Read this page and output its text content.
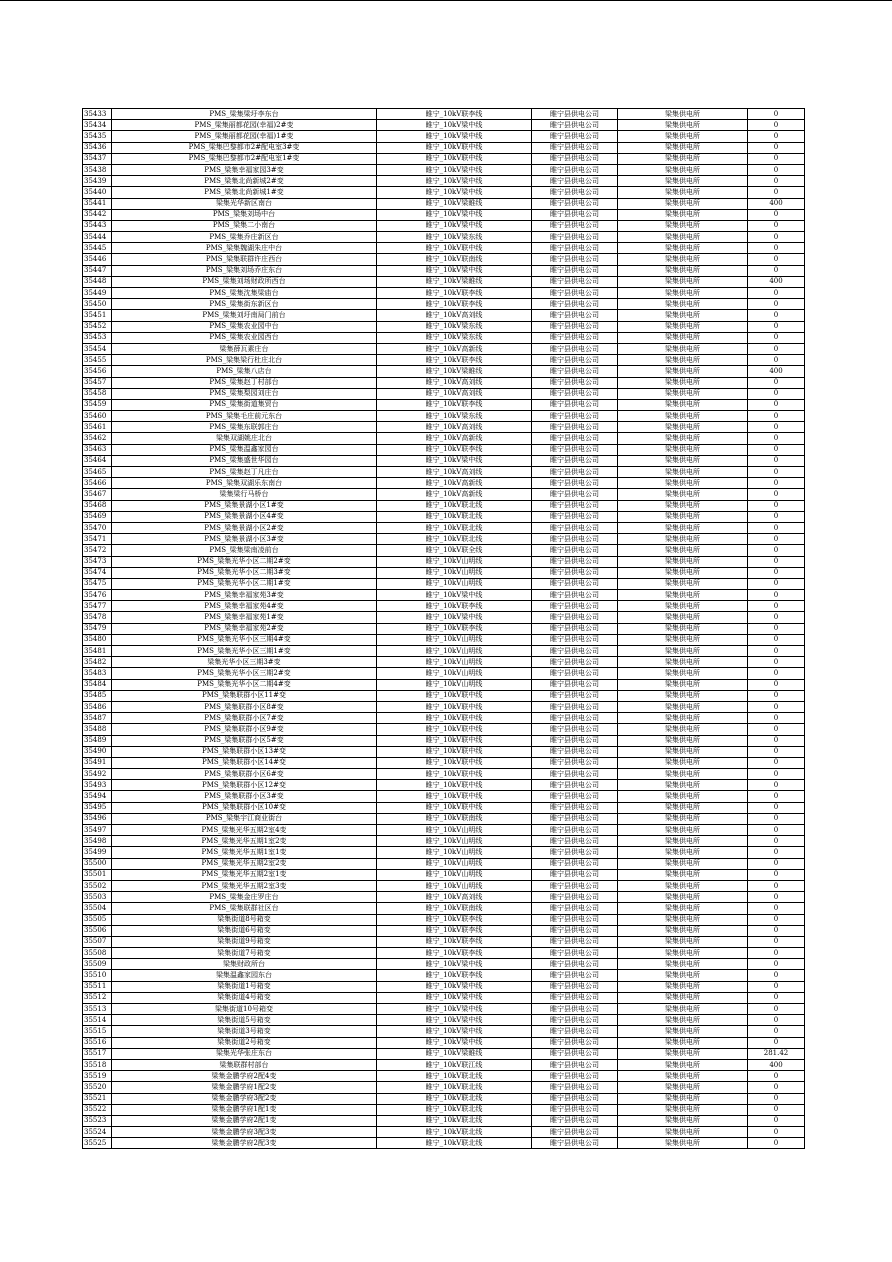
35433	PMS_梁集梁圩李东台	睢宁_10kV联李线	睢宁县供电公司	梁集供电所	0
35434	PMS_梁集丽都花园(幸福)2#变	睢宁_10kV梁中线	睢宁县供电公司	梁集供电所	0
35435	PMS_梁集丽都花园(幸福)1#变	睢宁_10kV梁中线	睢宁县供电公司	梁集供电所	0
35436	PMS_梁集巴黎都市2#配电室3#变	睢宁_10kV联中线	睢宁县供电公司	梁集供电所	0
35437	PMS_梁集巴黎都市2#配电室1#变	睢宁_10kV联中线	睢宁县供电公司	梁集供电所	0
35438	PMS_梁集幸福家园3#变	睢宁_10kV梁中线	睢宁县供电公司	梁集供电所	0
35439	PMS_梁集北尚新城2#变	睢宁_10kV梁中线	睢宁县供电公司	梁集供电所	0
35440	PMS_梁集北尚新城1#变	睢宁_10kV梁中线	睢宁县供电公司	梁集供电所	0
35441	梁集光华新区南台	睢宁_10kV梁睢线	睢宁县供电公司	梁集供电所	400
35442	PMS_梁集刘场中台	睢宁_10kV梁中线	睢宁县供电公司	梁集供电所	0
35443	PMS_梁集二小南台	睢宁_10kV梁中线	睢宁县供电公司	梁集供电所	0
35444	PMS_梁集乔庄新区台	睢宁_10kV梁东线	睢宁县供电公司	梁集供电所	0
35445	PMS_梁集魏湖朱庄中台	睢宁_10kV联中线	睢宁县供电公司	梁集供电所	0
35446	PMS_梁集联群许庄西台	睢宁_10kV联南线	睢宁县供电公司	梁集供电所	0
35447	PMS_梁集刘场乔庄东台	睢宁_10kV梁中线	睢宁县供电公司	梁集供电所	0
35448	PMS_梁集刘场财政所西台	睢宁_10kV梁睢线	睢宁县供电公司	梁集供电所	400
35449	PMS_梁集沈集梁庙台	睢宁_10kV联李线	睢宁县供电公司	梁集供电所	0
35450	PMS_梁集街东新区台	睢宁_10kV联李线	睢宁县供电公司	梁集供电所	0
35451	PMS_梁集刘圩南局门前台	睢宁_10kV高刘线	睢宁县供电公司	梁集供电所	0
35452	PMS_梁集农业园中台	睢宁_10kV梁东线	睢宁县供电公司	梁集供电所	0
35453	PMS_梁集农业园西台	睢宁_10kV梁东线	睢宁县供电公司	梁集供电所	0
35454	梁集薛瓦素庄台	睢宁_10kV高新线	睢宁县供电公司	梁集供电所	0
35455	PMS_梁集梁行杜庄北台	睢宁_10kV联李线	睢宁县供电公司	梁集供电所	0
35456	PMS_梁集八店台	睢宁_10kV梁睢线	睢宁县供电公司	梁集供电所	400
35457	PMS_梁集赵丁村部台	睢宁_10kV高刘线	睢宁县供电公司	梁集供电所	0
35458	PMS_梁集梨园刘庄台	睢宁_10kV高刘线	睢宁县供电公司	梁集供电所	0
35459	PMS_梁集街道集贸台	睢宁_10kV联李线	睢宁县供电公司	梁集供电所	0
35460	PMS_梁集毛庄前元东台	睢宁_10kV梁东线	睢宁县供电公司	梁集供电所	0
35461	PMS_梁集东联郭庄台	睢宁_10kV高刘线	睢宁县供电公司	梁集供电所	0
35462	梁集双湖姚庄北台	睢宁_10kV高新线	睢宁县供电公司	梁集供电所	0
35463	PMS_梁集温鑫家园台	睢宁_10kV联李线	睢宁县供电公司	梁集供电所	0
35464	PMS_梁集盛世华园台	睢宁_10kV梁中线	睢宁县供电公司	梁集供电所	0
35465	PMS_梁集赵丁凡庄台	睢宁_10kV高刘线	睢宁县供电公司	梁集供电所	0
35466	PMS_梁集双湖乐东南台	睢宁_10kV高新线	睢宁县供电公司	梁集供电所	0
35467	梁集梁行马桥台	睢宁_10kV高新线	睢宁县供电公司	梁集供电所	0
35468	PMS_梁集景湖小区1#变	睢宁_10kV联北线	睢宁县供电公司	梁集供电所	0
35469	PMS_梁集景湖小区4#变	睢宁_10kV联北线	睢宁县供电公司	梁集供电所	0
35470	PMS_梁集景湖小区2#变	睢宁_10kV联北线	睢宁县供电公司	梁集供电所	0
35471	PMS_梁集景湖小区3#变	睢宁_10kV联北线	睢宁县供电公司	梁集供电所	0
35472	PMS_梁集梁南凌前台	睢宁_10kV联全线	睢宁县供电公司	梁集供电所	0
35473	PMS_梁集光华小区二期2#变	睢宁_10kV山明线	睢宁县供电公司	梁集供电所	0
35474	PMS_梁集光华小区二期3#变	睢宁_10kV山明线	睢宁县供电公司	梁集供电所	0
35475	PMS_梁集光华小区二期1#变	睢宁_10kV山明线	睢宁县供电公司	梁集供电所	0
35476	PMS_梁集幸福家苑3#变	睢宁_10kV梁中线	睢宁县供电公司	梁集供电所	0
35477	PMS_梁集幸福家苑4#变	睢宁_10kV联李线	睢宁县供电公司	梁集供电所	0
35478	PMS_梁集幸福家苑1#变	睢宁_10kV梁中线	睢宁县供电公司	梁集供电所	0
35479	PMS_梁集幸福家苑2#变	睢宁_10kV联李线	睢宁县供电公司	梁集供电所	0
35480	PMS_梁集光华小区三期4#变	睢宁_10kV山明线	睢宁县供电公司	梁集供电所	0
35481	PMS_梁集光华小区三期1#变	睢宁_10kV山明线	睢宁县供电公司	梁集供电所	0
35482	梁集光华小区三期3#变	睢宁_10kV山明线	睢宁县供电公司	梁集供电所	0
35483	PMS_梁集光华小区三期2#变	睢宁_10kV山明线	睢宁县供电公司	梁集供电所	0
35484	PMS_梁集光华小区二期4#变	睢宁_10kV山明线	睢宁县供电公司	梁集供电所	0
35485	PMS_梁集联群小区11#变	睢宁_10kV联中线	睢宁县供电公司	梁集供电所	0
35486	PMS_梁集联群小区8#变	睢宁_10kV联中线	睢宁县供电公司	梁集供电所	0
35487	PMS_梁集联群小区7#变	睢宁_10kV联中线	睢宁县供电公司	梁集供电所	0
35488	PMS_梁集联群小区9#变	睢宁_10kV联中线	睢宁县供电公司	梁集供电所	0
35489	PMS_梁集联群小区5#变	睢宁_10kV联中线	睢宁县供电公司	梁集供电所	0
35490	PMS_梁集联群小区13#变	睢宁_10kV联中线	睢宁县供电公司	梁集供电所	0
35491	PMS_梁集联群小区14#变	睢宁_10kV联中线	睢宁县供电公司	梁集供电所	0
35492	PMS_梁集联群小区6#变	睢宁_10kV联中线	睢宁县供电公司	梁集供电所	0
35493	PMS_梁集联群小区12#变	睢宁_10kV联中线	睢宁县供电公司	梁集供电所	0
35494	PMS_梁集联群小区3#变	睢宁_10kV联中线	睢宁县供电公司	梁集供电所	0
35495	PMS_梁集联群小区10#变	睢宁_10kV联中线	睢宁县供电公司	梁集供电所	0
35496	PMS_梁集宇江商业街台	睢宁_10kV联南线	睢宁县供电公司	梁集供电所	0
35497	PMS_梁集光华五期2室4变	睢宁_10kV山明线	睢宁县供电公司	梁集供电所	0
35498	PMS_梁集光华五期1室2变	睢宁_10kV山明线	睢宁县供电公司	梁集供电所	0
35499	PMS_梁集光华五期1室1变	睢宁_10kV山明线	睢宁县供电公司	梁集供电所	0
35500	PMS_梁集光华五期2室2变	睢宁_10kV山明线	睢宁县供电公司	梁集供电所	0
35501	PMS_梁集光华五期2室1变	睢宁_10kV山明线	睢宁县供电公司	梁集供电所	0
35502	PMS_梁集光华五期2室3变	睢宁_10kV山明线	睢宁县供电公司	梁集供电所	0
35503	PMS_梁集金庄罗庄台	睢宁_10kV高刘线	睢宁县供电公司	梁集供电所	0
35504	PMS_梁集联群社区台	睢宁_10kV联南线	睢宁县供电公司	梁集供电所	0
35505	梁集街道8号箱变	睢宁_10kV联李线	睢宁县供电公司	梁集供电所	0
35506	梁集街道6号箱变	睢宁_10kV联李线	睢宁县供电公司	梁集供电所	0
35507	梁集街道9号箱变	睢宁_10kV联李线	睢宁县供电公司	梁集供电所	0
35508	梁集街道7号箱变	睢宁_10kV联李线	睢宁县供电公司	梁集供电所	0
35509	梁集财政所台	睢宁_10kV梁中线	睢宁县供电公司	梁集供电所	0
35510	梁集温鑫家园东台	睢宁_10kV联李线	睢宁县供电公司	梁集供电所	0
35511	梁集街道1号箱变	睢宁_10kV梁中线	睢宁县供电公司	梁集供电所	0
35512	梁集街道4号箱变	睢宁_10kV梁中线	睢宁县供电公司	梁集供电所	0
35513	梁集街道10号箱变	睢宁_10kV梁中线	睢宁县供电公司	梁集供电所	0
35514	梁集街道5号箱变	睢宁_10kV梁中线	睢宁县供电公司	梁集供电所	0
35515	梁集街道3号箱变	睢宁_10kV梁中线	睢宁县供电公司	梁集供电所	0
35516	梁集街道2号箱变	睢宁_10kV梁中线	睢宁县供电公司	梁集供电所	0
35517	梁集光华张庄东台	睢宁_10kV梁睢线	睢宁县供电公司	梁集供电所	281.42
35518	梁集联群村部台	睢宁_10kV联江线	睢宁县供电公司	梁集供电所	400
35519	梁集金鹏学府2配4变	睢宁_10kV联北线	睢宁县供电公司	梁集供电所	0
35520	梁集金鹏学府1配2变	睢宁_10kV联北线	睢宁县供电公司	梁集供电所	0
35521	梁集金鹏学府3配2变	睢宁_10kV联北线	睢宁县供电公司	梁集供电所	0
35522	梁集金鹏学府1配1变	睢宁_10kV联北线	睢宁县供电公司	梁集供电所	0
35523	梁集金鹏学府2配1变	睢宁_10kV联北线	睢宁县供电公司	梁集供电所	0
35524	梁集金鹏学府3配3变	睢宁_10kV联北线	睢宁县供电公司	梁集供电所	0
35525	梁集金鹏学府2配3变	睢宁_10kV联北线	睢宁县供电公司	梁集供电所	0
